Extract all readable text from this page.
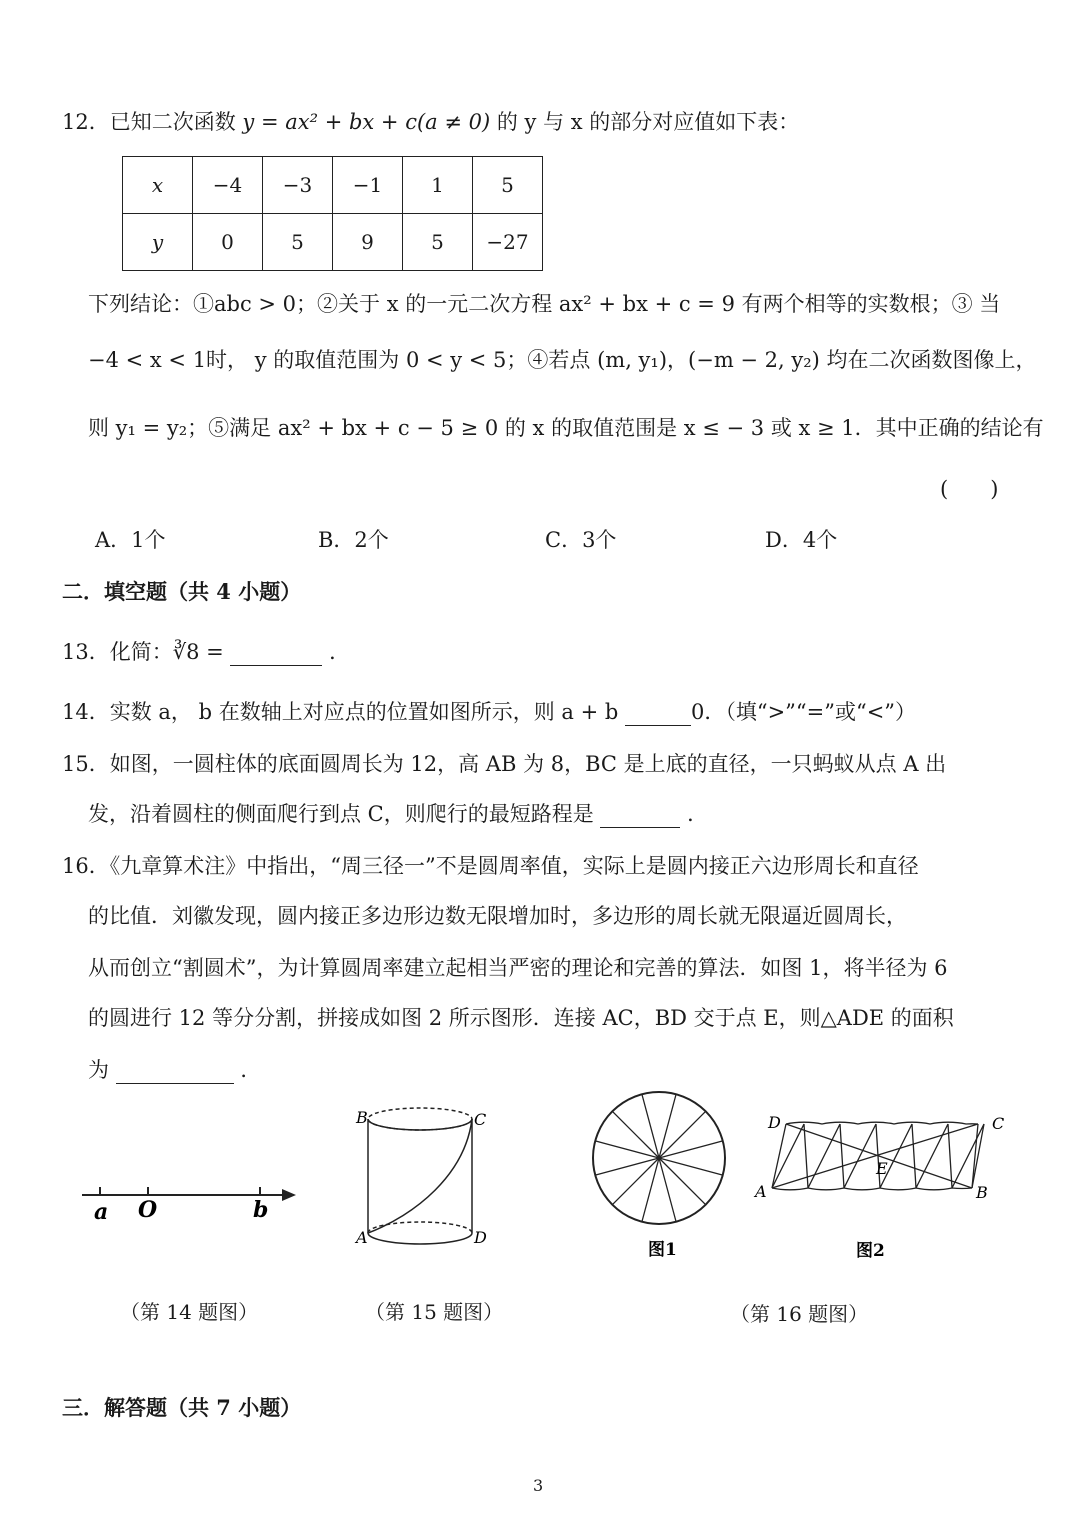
12．已知二次函数 y = ax² + bx + c(a ≠ 0) 的 y 与 x 的部分对应值如下表：
x	−4	−3	−1	1	5
y	0	5	9	5	−27
下列结论：①abc > 0；②关于 x 的一元二次方程 ax² + bx + c = 9 有两个相等的实数根；③ 当
−4 < x < 1时， y 的取值范围为 0 < y < 5；④若点 (m, y₁)，(−m − 2, y₂) 均在二次函数图像上，
则 y₁ = y₂；⑤满足 ax² + bx + c − 5 ≥ 0 的 x 的取值范围是 x ≤ − 3 或 x ≥ 1．其中正确的结论有
(　　)
A．1个	B．2个	C．3个	D．4个
二．填空题（共 4 小题）
13．化简：∛8 =	．
14．实数 a， b 在数轴上对应点的位置如图所示，则 a + b	0．（填“>”“=”或“<”）
15．如图，一圆柱体的底面圆周长为 12，高 AB 为 8，BC 是上底的直径，一只蚂蚁从点 A 出
发，沿着圆柱的侧面爬行到点 C，则爬行的最短路程是	．
16．《九章算术注》中指出，“周三径一”不是圆周率值，实际上是圆内接正六边形周长和直径
的比值．刘徽发现，圆内接正多边形边数无限增加时，多边形的周长就无限逼近圆周长，
从而创立“割圆术”，为计算圆周率建立起相当严密的理论和完善的算法．如图 1，将半径为 6
的圆进行 12 等分分割，拼接成如图 2 所示图形．连接 AC，BD 交于点 E，则△ADE 的面积
为	．
a O	b
B	C
A	D
图1
D	C
A	B
E
图2
（第 14 题图）	（第 15 题图）	（第 16 题图）
三．解答题（共 7 小题）
3
